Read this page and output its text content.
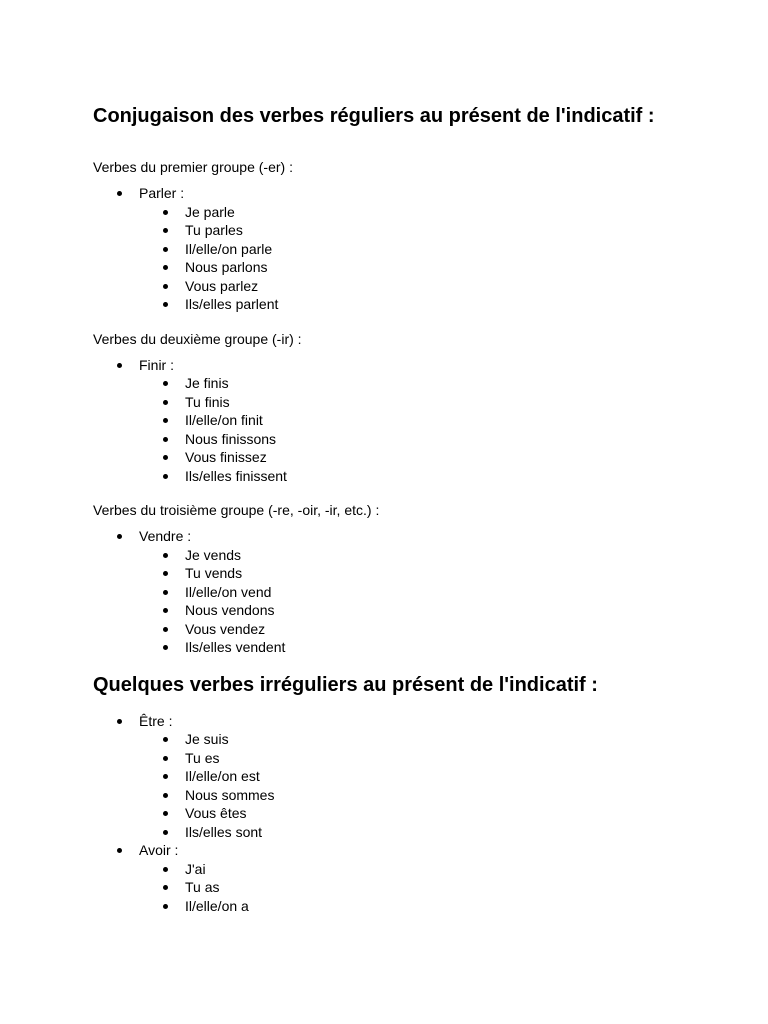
Conjugaison des verbes réguliers au présent de l'indicatif :
Verbes du premier groupe (-er) :
Parler :
Je parle
Tu parles
Il/elle/on parle
Nous parlons
Vous parlez
Ils/elles parlent
Verbes du deuxième groupe (-ir) :
Finir :
Je finis
Tu finis
Il/elle/on finit
Nous finissons
Vous finissez
Ils/elles finissent
Verbes du troisième groupe (-re, -oir, -ir, etc.) :
Vendre :
Je vends
Tu vends
Il/elle/on vend
Nous vendons
Vous vendez
Ils/elles vendent
Quelques verbes irréguliers au présent de l'indicatif :
Être :
Je suis
Tu es
Il/elle/on est
Nous sommes
Vous êtes
Ils/elles sont
Avoir :
J'ai
Tu as
Il/elle/on a
